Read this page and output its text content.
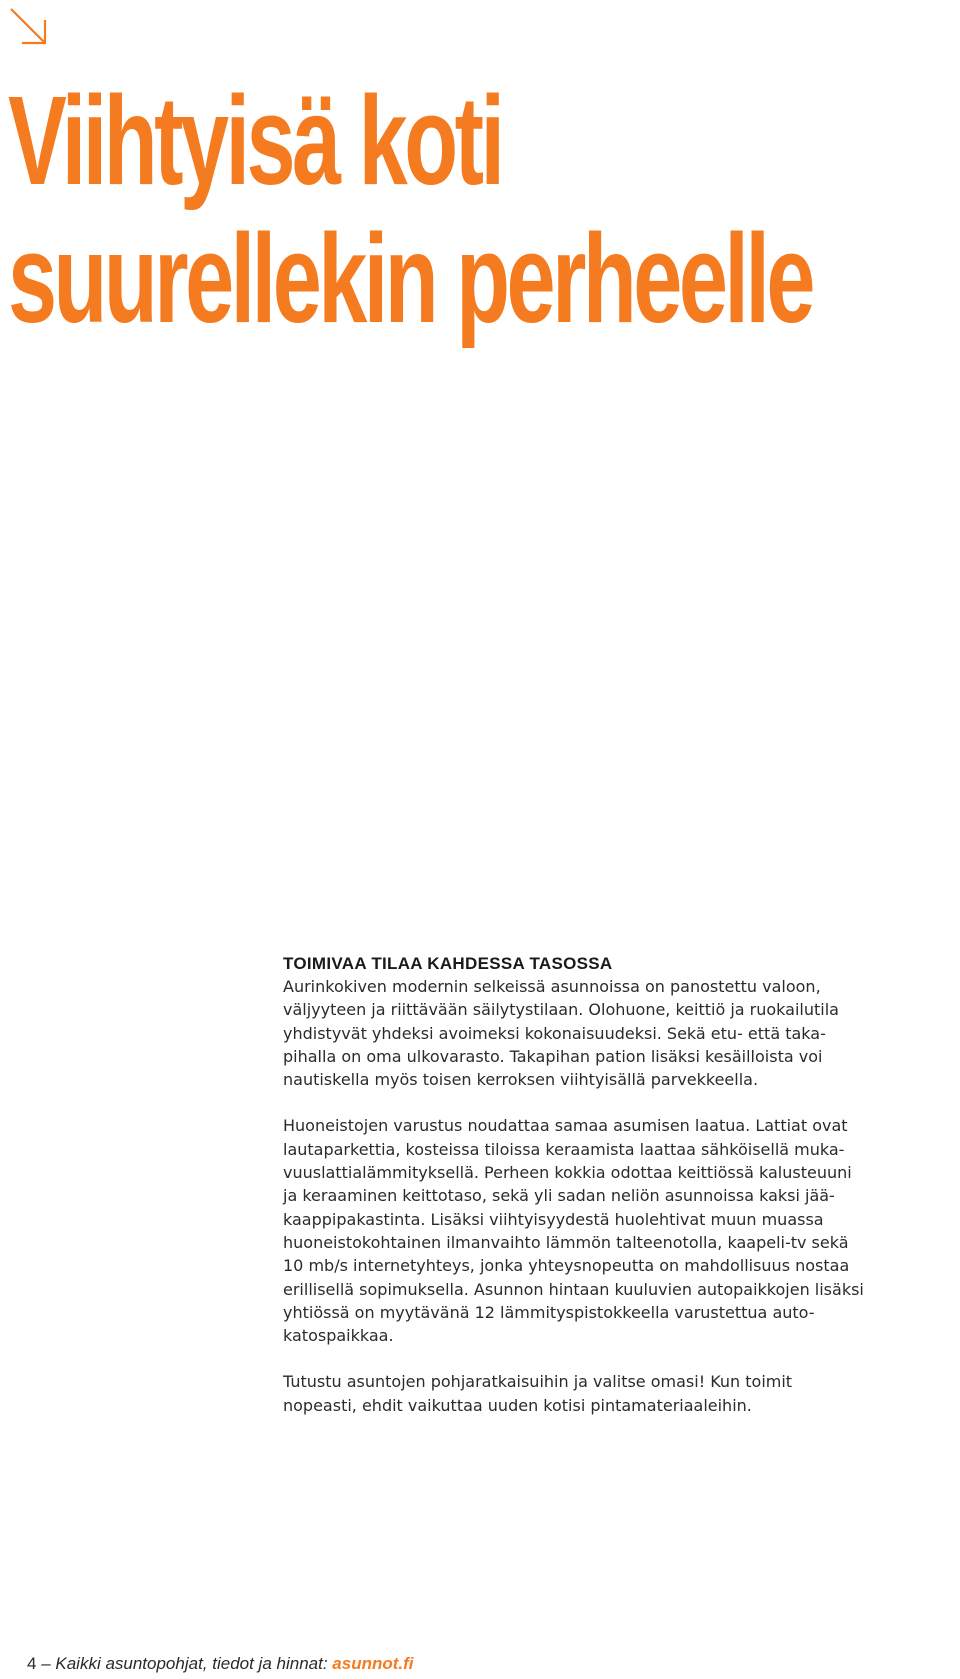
Viihtyisä koti
suurellekin perheelle
TOIMIVAA TILAA KAHDESSA TASOSSA

Aurinkokiven modernin selkeissä asunnoissa on panostettu valoon,
väljyyteen ja riittävään säilytystilaan. Olohuone, keittiö ja ruokailutila
yhdistyvät yhdeksi avoimeksi kokonaisuudeksi. Sekä etu- että taka-
pihalla on oma ulkovarasto. Takapihan pation lisäksi kesäilloista voi
nautiskella myös toisen kerroksen viihtyisällä parvekkeella.

Huoneistojen varustus noudattaa samaa asumisen laatua. Lattiat ovat
lautaparkettia, kosteissa tiloissa keraamista laattaa sähköisellä muka-
vuuslattialämmityksellä. Perheen kokkia odottaa keittiössä kalusteuuni
ja keraaminen keittotaso, sekä yli sadan neliön asunnoissa kaksi jää-
kaappipakastinta. Lisäksi viihtyisyydestä huolehtivat muun muassa
huoneistokohtainen ilmanvaihto lämmön talteenotolla, kaapeli-tv sekä
10 mb/s internetyhteys, jonka yhteysnopeutta on mahdollisuus nostaa
erillisellä sopimuksella. Asunnon hintaan kuuluvien autopaikkojen lisäksi
yhtiössä on myytävänä 12 lämmityspistokkeella varustettua auto-
katospaikkaa.

Tutustu asuntojen pohjaratkaisuihin ja valitse omasi! Kun toimit
nopeasti, ehdit vaikuttaa uuden kotisi pintamateriaaleihin.

4 – Kaikki asuntopohjat, tiedot ja hinnat: asunnot.fi
